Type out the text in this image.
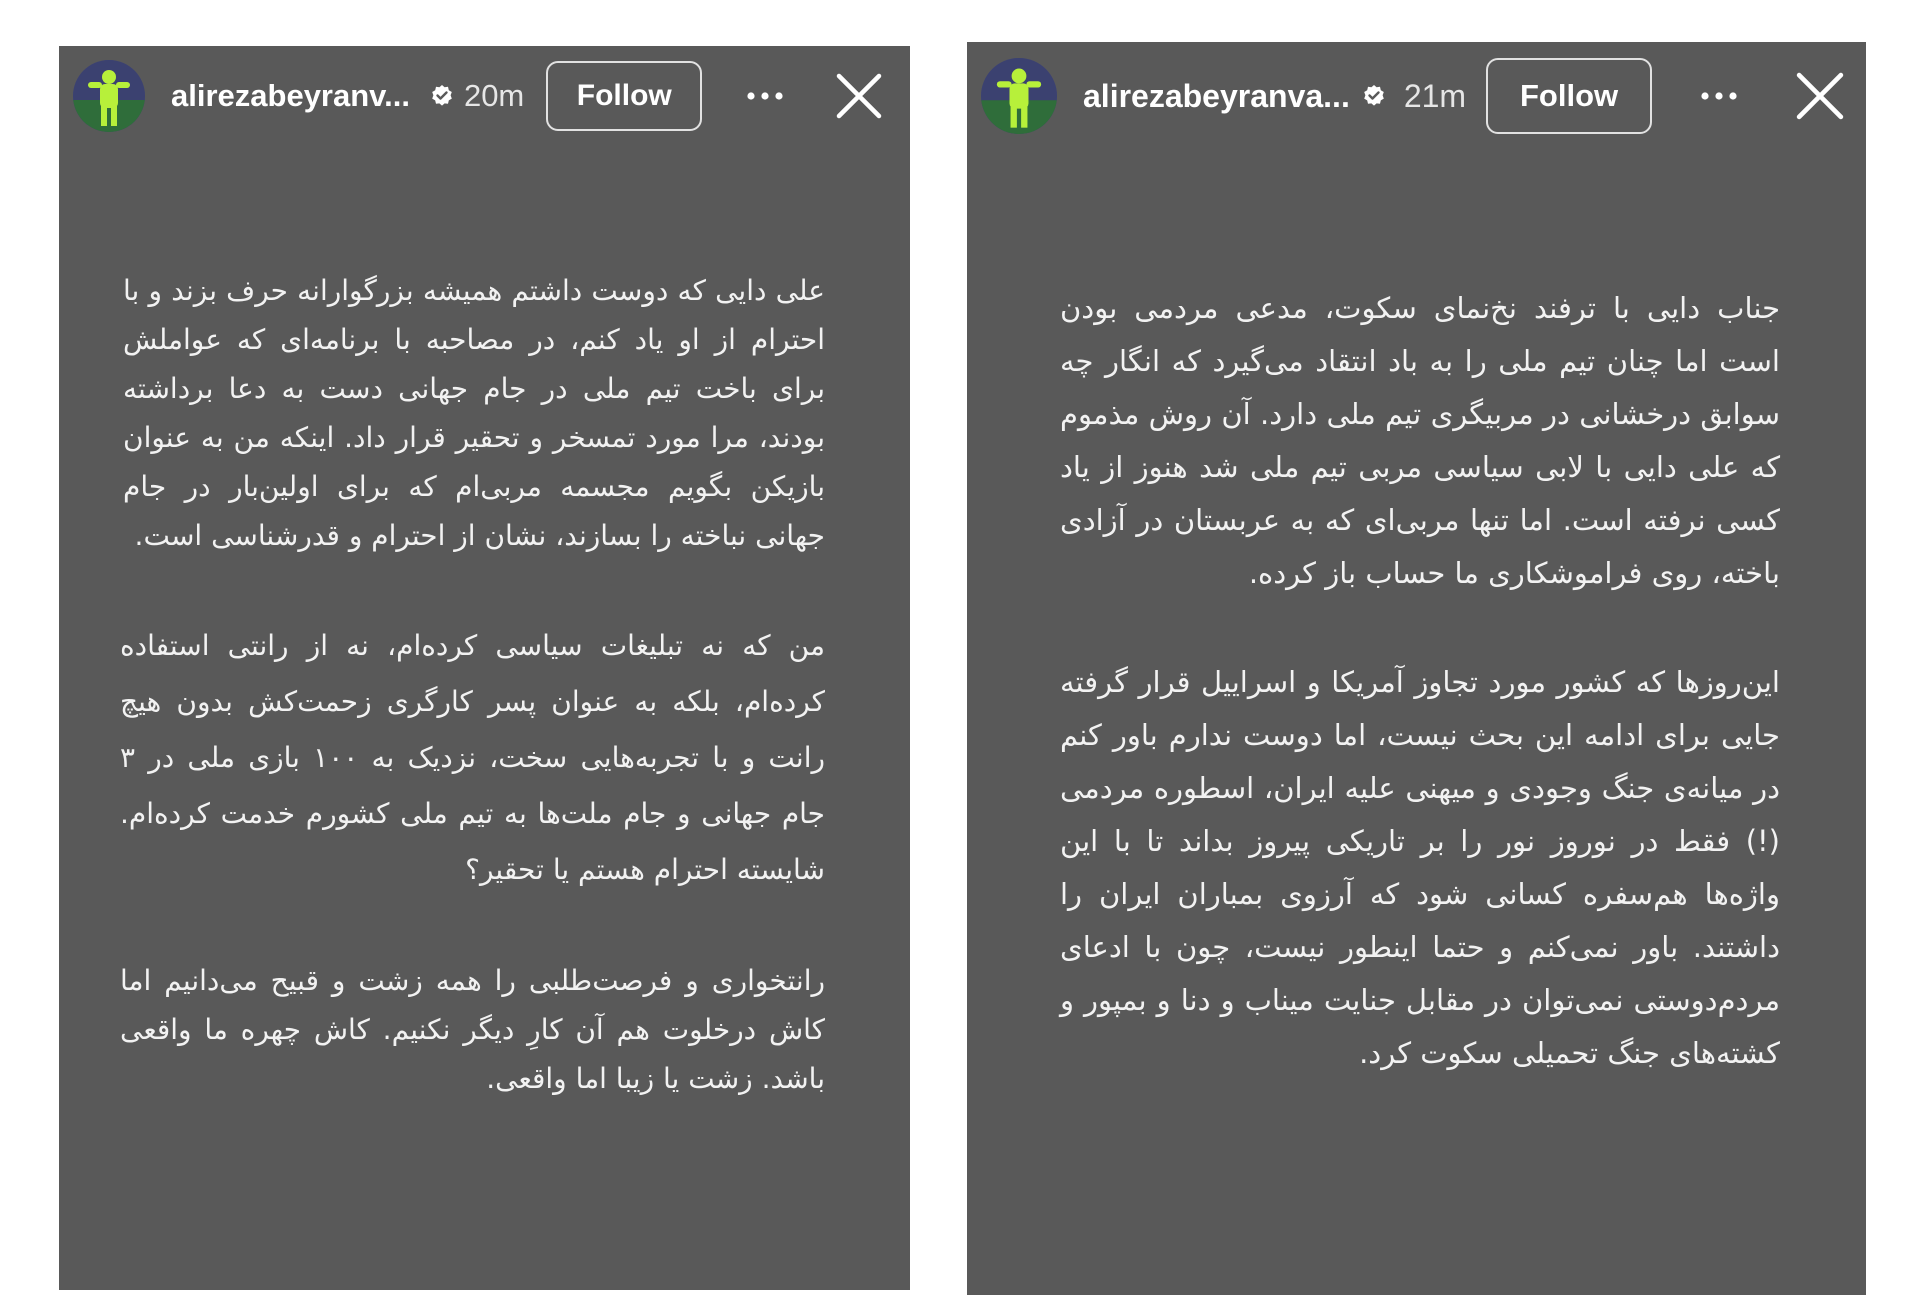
alirezabeyranv... 20m	Follow

علی دایی که دوست داشتم همیشه بزرگوارانه حرف بزند و با احترام از او یاد کنم، در مصاحبه با برنامه‌ای که عواملش برای باخت تیم ملی در جام جهانی دست به دعا برداشته بودند، مرا مورد تمسخر و تحقیر قرار داد. اینکه من به عنوان بازیکن بگویم مجسمه مربی‌ام که برای اولین‌بار در جام جهانی نباخته را بسازند، نشان از احترام و قدرشناسی است.

من که نه تبلیغات سیاسی کرده‌ام، نه از رانتی استفاده کرده‌ام، بلکه به عنوان پسر کارگری زحمت‌کش بدون هیچ رانت و با تجربه‌هایی سخت، نزدیک به ۱۰۰ بازی ملی در ۳ جام جهانی و جام ملت‌ها به تیم ملی کشورم خدمت کرده‌ام. شایسته احترام هستم یا تحقیر؟

رانتخواری و فرصت‌طلبی را همه زشت و قبیح می‌دانیم اما کاش درخلوت هم آن کارِ دیگر نکنیم. کاش چهره ما واقعی باشد. زشت یا زیبا اما واقعی.

alirezabeyranva... 21m	Follow

جناب دایی با ترفند نخ‌نمای سکوت، مدعی مردمی بودن است اما چنان تیم ملی را به باد انتقاد می‌گیرد که انگار چه سوابق درخشانی در مربیگری تیم ملی دارد. آن روش مذموم که علی دایی با لابی سیاسی مربی تیم ملی شد هنوز از یاد کسی نرفته است. اما تنها مربی‌ای که به عربستان در آزادی باخته، روی فراموشکاری ما حساب باز کرده.

این‌روزها که کشور مورد تجاوز آمریکا و اسراییل قرار گرفته جایی برای ادامه این بحث نیست، اما دوست ندارم باور کنم در میانه‌ی جنگ وجودی و میهنی علیه ایران، اسطوره مردمی (!) فقط در نوروز نور را بر تاریکی پیروز بداند تا با این واژه‌ها هم‌سفره کسانی شود که آرزوی بمباران ایران را داشتند. باور نمی‌کنم و حتما اینطور نیست، چون با ادعای مردم‌دوستی نمی‌توان در مقابل جنایت میناب و دنا و بمپور و کشته‌های جنگ تحمیلی سکوت کرد.
